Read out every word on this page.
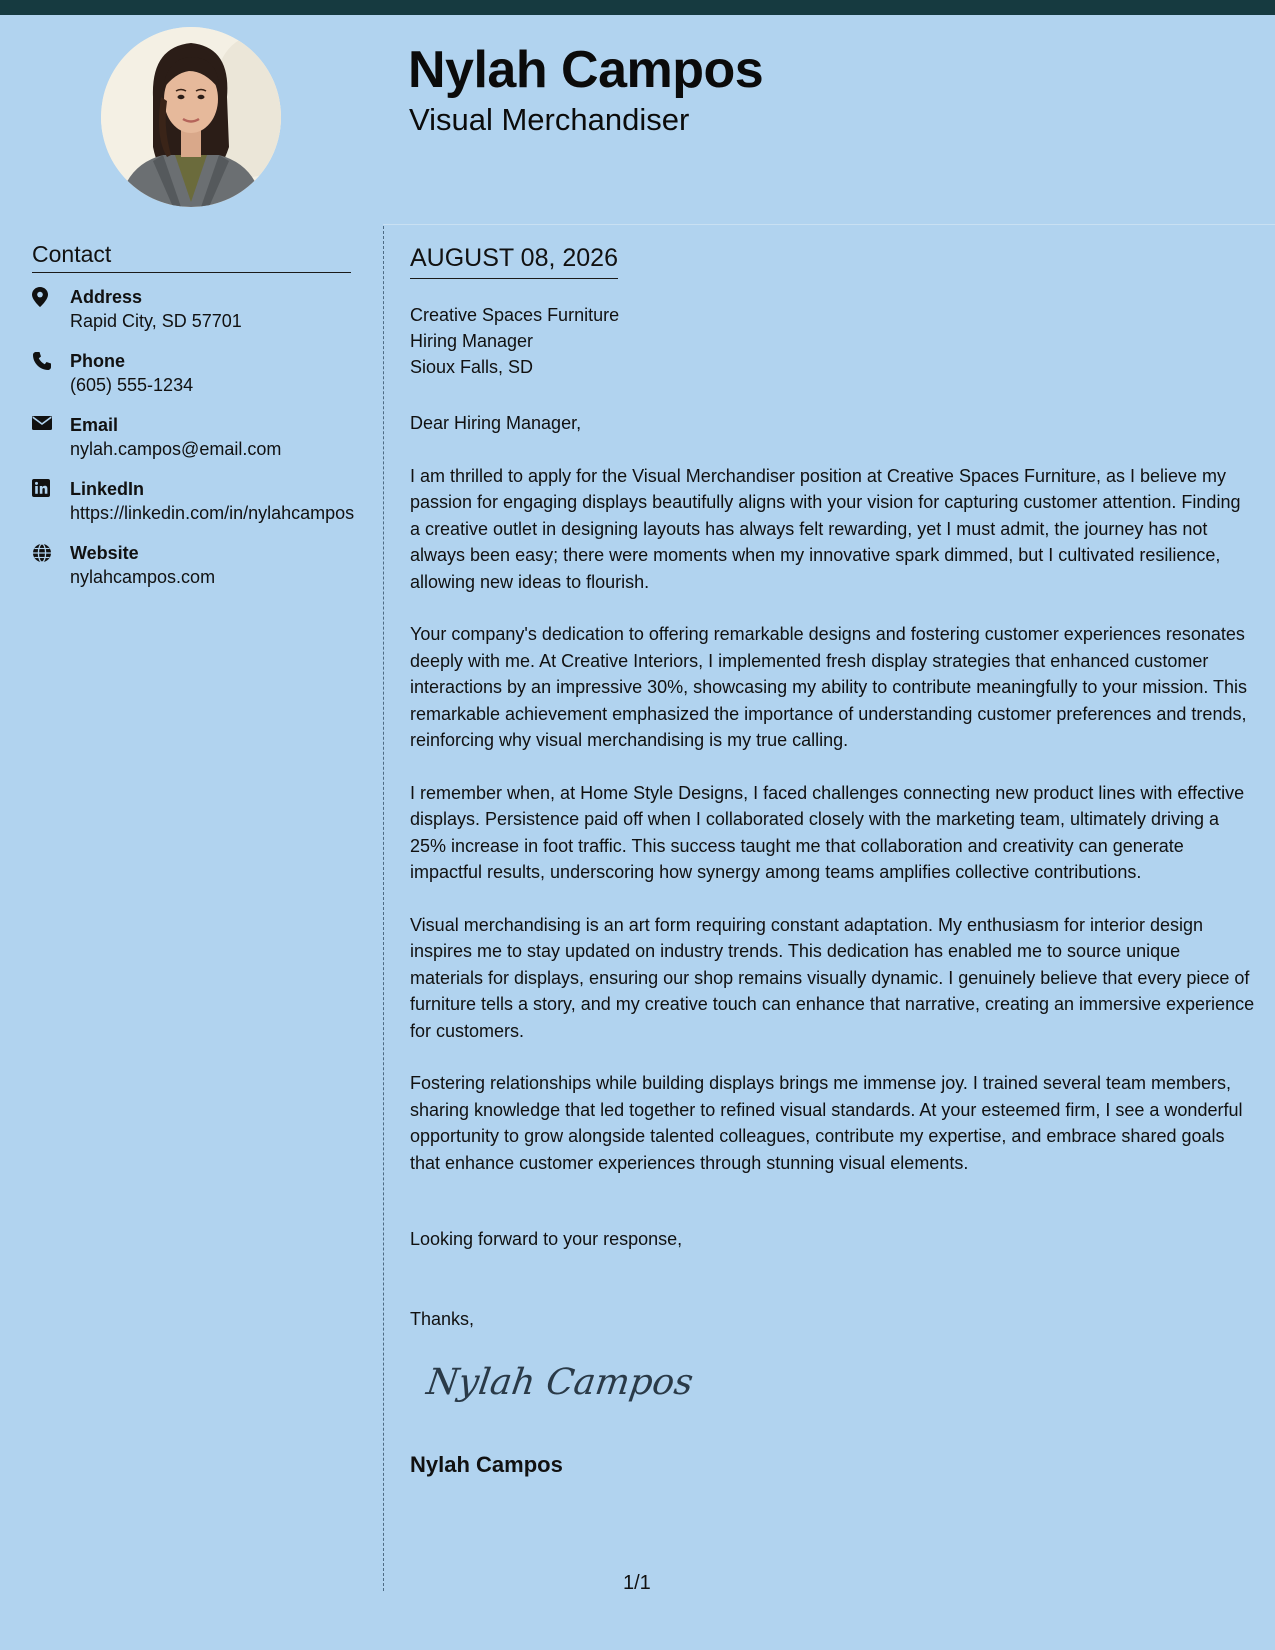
Nylah Campos
Visual Merchandiser
Contact
Address
Rapid City, SD 57701
Phone
(605) 555-1234
Email
nylah.campos@email.com
LinkedIn
https://linkedin.com/in/nylahcampos
Website
nylahcampos.com
AUGUST 08, 2026
Creative Spaces Furniture
Hiring Manager
Sioux Falls, SD
Dear Hiring Manager,

I am thrilled to apply for the Visual Merchandiser position at Creative Spaces Furniture, as I believe my passion for engaging displays beautifully aligns with your vision for capturing customer attention. Finding a creative outlet in designing layouts has always felt rewarding, yet I must admit, the journey has not always been easy; there were moments when my innovative spark dimmed, but I cultivated resilience, allowing new ideas to flourish.

Your company's dedication to offering remarkable designs and fostering customer experiences resonates deeply with me. At Creative Interiors, I implemented fresh display strategies that enhanced customer interactions by an impressive 30%, showcasing my ability to contribute meaningfully to your mission. This remarkable achievement emphasized the importance of understanding customer preferences and trends, reinforcing why visual merchandising is my true calling.

I remember when, at Home Style Designs, I faced challenges connecting new product lines with effective displays. Persistence paid off when I collaborated closely with the marketing team, ultimately driving a 25% increase in foot traffic. This success taught me that collaboration and creativity can generate impactful results, underscoring how synergy among teams amplifies collective contributions.

Visual merchandising is an art form requiring constant adaptation. My enthusiasm for interior design inspires me to stay updated on industry trends. This dedication has enabled me to source unique materials for displays, ensuring our shop remains visually dynamic. I genuinely believe that every piece of furniture tells a story, and my creative touch can enhance that narrative, creating an immersive experience for customers.

Fostering relationships while building displays brings me immense joy. I trained several team members, sharing knowledge that led together to refined visual standards. At your esteemed firm, I see a wonderful opportunity to grow alongside talented colleagues, contribute my expertise, and embrace shared goals that enhance customer experiences through stunning visual elements.

Looking forward to your response,
Thanks,
Nylah Campos
Nylah Campos
1/1
